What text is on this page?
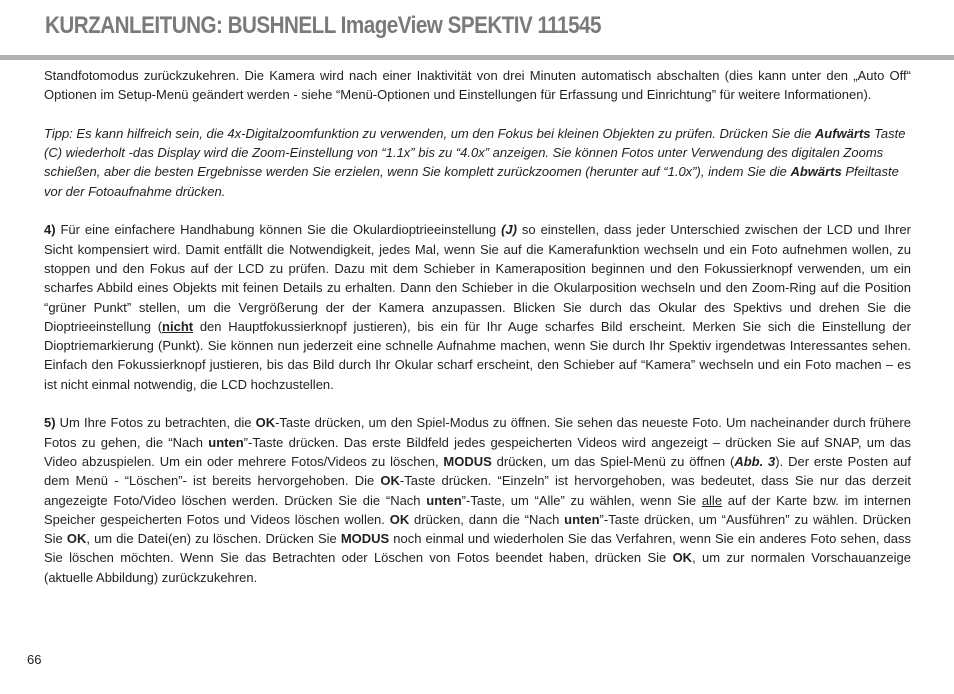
KURZANLEITUNG: BUSHNELL ImageView SPEKTIV 111545

Standfotomodus zurückzukehren. Die Kamera wird nach einer Inaktivität von drei Minuten automatisch abschalten (dies kann unter den „Auto Off“ Optionen im Setup-Menü geändert werden - siehe “Menü-Optionen und Einstellungen für Erfassung und Einrichtung” für weitere Informationen).

Tipp: Es kann hilfreich sein, die 4x-Digitalzoomfunktion zu verwenden, um den Fokus bei kleinen Objekten zu prüfen. Drücken Sie die Aufwärts Taste (C) wiederholt -das Display wird die Zoom-Einstellung von “1.1x” bis zu “4.0x” anzeigen. Sie können Fotos unter Verwendung des digitalen Zooms schießen, aber die besten Ergebnisse werden Sie erzielen, wenn Sie komplett zurückzoomen (herunter auf “1.0x”), indem Sie die Abwärts Pfeiltaste vor der Fotoaufnahme drücken.

4) Für eine einfachere Handhabung können Sie die Okulardioptrieeinstellung (J) so einstellen, dass jeder Unterschied zwischen der LCD und Ihrer Sicht kompensiert wird. Damit entfällt die Notwendigkeit, jedes Mal, wenn Sie auf die Kamerafunktion wechseln und ein Foto aufnehmen wollen, zu stoppen und den Fokus auf der LCD zu prüfen. Dazu mit dem Schieber in Kameraposition beginnen und den Fokussierknopf verwenden, um ein scharfes Abbild eines Objekts mit feinen Details zu erhalten. Dann den Schieber in die Okularposition wechseln und den Zoom-Ring auf die Position “grüner Punkt” stellen, um die Vergrößerung der der Kamera anzupassen. Blicken Sie durch das Okular des Spektivs und drehen Sie die Dioptrieeinstellung (nicht den Hauptfokussierknopf justieren), bis ein für Ihr Auge scharfes Bild erscheint. Merken Sie sich die Einstellung der Dioptriemarkierung (Punkt). Sie können nun jederzeit eine schnelle Aufnahme machen, wenn Sie durch Ihr Spektiv irgendetwas Interessantes sehen. Einfach den Fokussierknopf justieren, bis das Bild durch Ihr Okular scharf erscheint, den Schieber auf “Kamera” wechseln und ein Foto machen – es ist nicht einmal notwendig, die LCD hochzustellen.

5) Um Ihre Fotos zu betrachten, die OK-Taste drücken, um den Spiel-Modus zu öffnen. Sie sehen das neueste Foto. Um nacheinander durch frühere Fotos zu gehen, die “Nach unten”-Taste drücken. Das erste Bildfeld jedes gespeicherten Videos wird angezeigt – drücken Sie auf SNAP, um das Video abzuspielen. Um ein oder mehrere Fotos/Videos zu löschen, MODUS drücken, um das Spiel-Menü zu öffnen (Abb. 3). Der erste Posten auf dem Menü - “Löschen”- ist bereits hervorgehoben. Die OK-Taste drücken. “Einzeln” ist hervorgehoben, was bedeutet, dass Sie nur das derzeit angezeigte Foto/Video löschen werden. Drücken Sie die “Nach unten”-Taste, um “Alle” zu wählen, wenn Sie alle auf der Karte bzw. im internen Speicher gespeicherten Fotos und Videos löschen wollen. OK drücken, dann die “Nach unten”-Taste drücken, um “Ausführen” zu wählen. Drücken Sie OK, um die Datei(en) zu löschen. Drücken Sie MODUS noch einmal und wiederholen Sie das Verfahren, wenn Sie ein anderes Foto sehen, dass Sie löschen möchten. Wenn Sie das Betrachten oder Löschen von Fotos beendet haben, drücken Sie OK, um zur normalen Vorschauanzeige (aktuelle Abbildung) zurückzukehren.

66
